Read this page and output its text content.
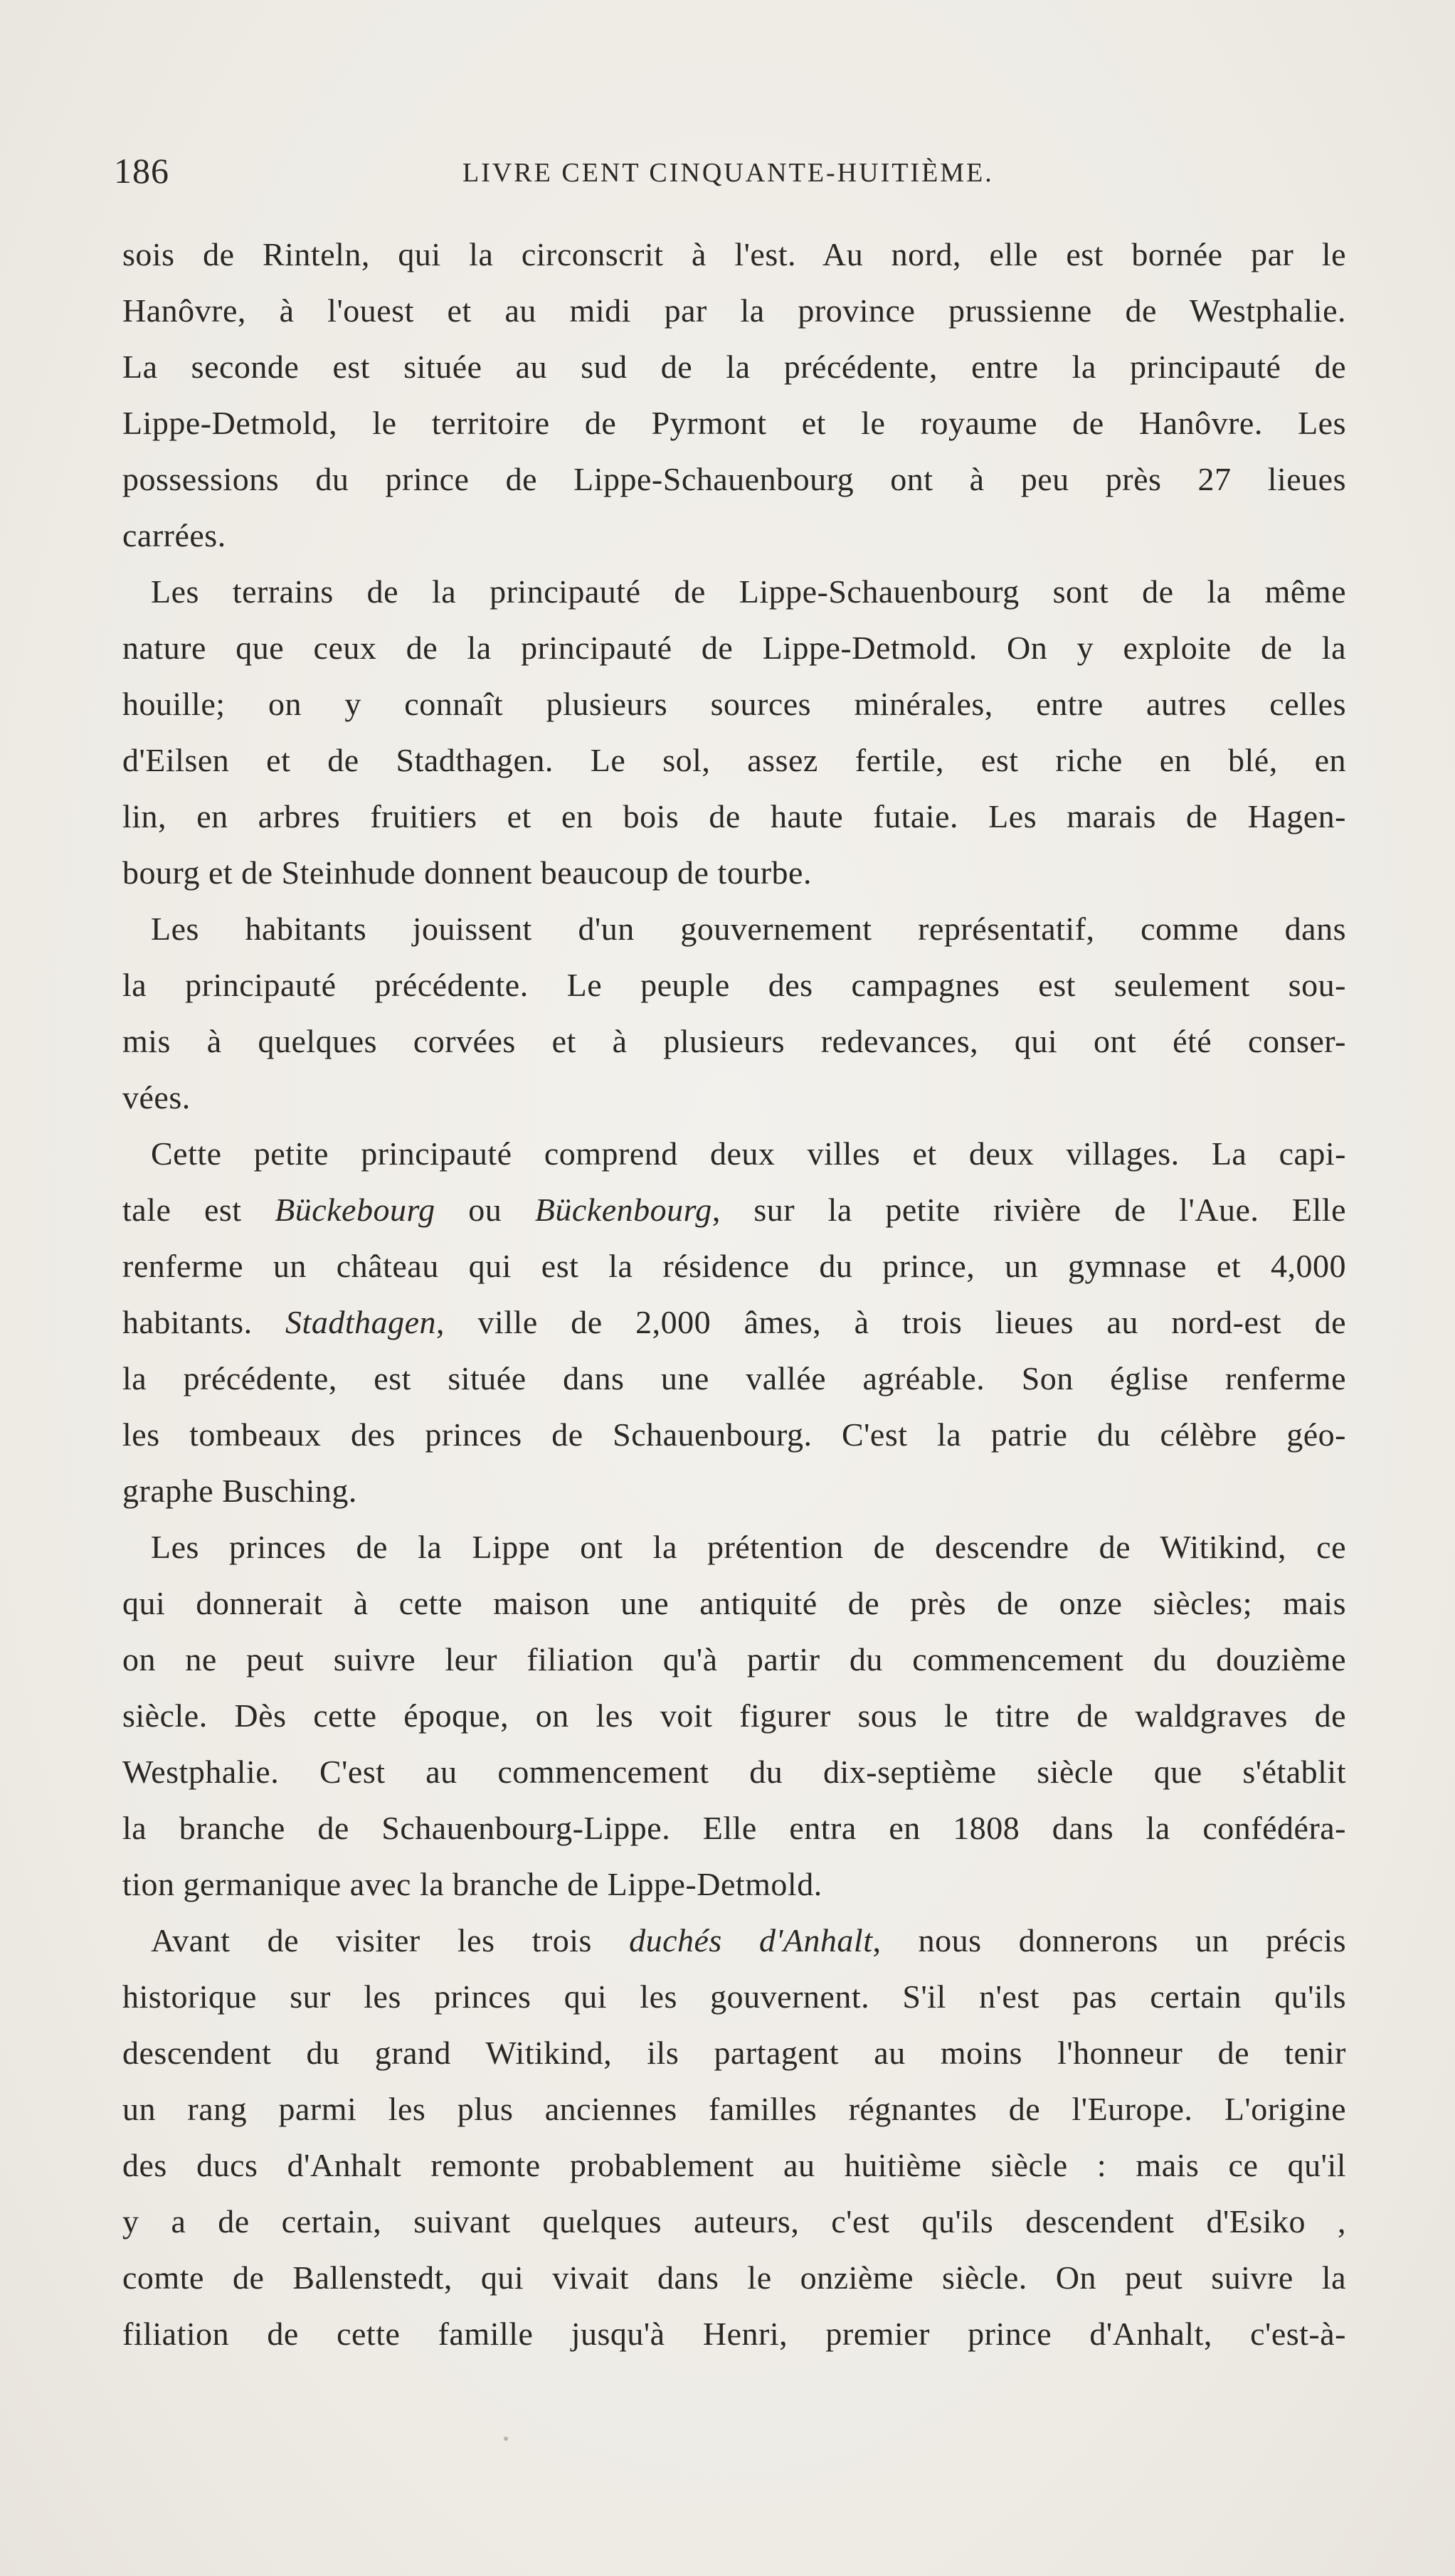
186	LIVRE CENT CINQUANTE-HUITIÈME.
sois de Rinteln, qui la circonscrit à l'est. Au nord, elle est bornée par le
Hanôvre, à l'ouest et au midi par la province prussienne de Westphalie.
La seconde est située au sud de la précédente, entre la principauté de
Lippe-Detmold, le territoire de Pyrmont et le royaume de Hanôvre. Les
possessions du prince de Lippe-Schauenbourg ont à peu près 27 lieues
carrées.
Les terrains de la principauté de Lippe-Schauenbourg sont de la même
nature que ceux de la principauté de Lippe-Detmold. On y exploite de la
houille; on y connaît plusieurs sources minérales, entre autres celles
d'Eilsen et de Stadthagen. Le sol, assez fertile, est riche en blé, en
lin, en arbres fruitiers et en bois de haute futaie. Les marais de Hagen-
bourg et de Steinhude donnent beaucoup de tourbe.
Les habitants jouissent d'un gouvernement représentatif, comme dans
la principauté précédente. Le peuple des campagnes est seulement sou-
mis à quelques corvées et à plusieurs redevances, qui ont été conser-
vées.
Cette petite principauté comprend deux villes et deux villages. La capi-
tale est Bückebourg ou Bückenbourg, sur la petite rivière de l'Aue. Elle
renferme un château qui est la résidence du prince, un gymnase et 4,000
habitants. Stadthagen, ville de 2,000 âmes, à trois lieues au nord-est de
la précédente, est située dans une vallée agréable. Son église renferme
les tombeaux des princes de Schauenbourg. C'est la patrie du célèbre géo-
graphe Busching.
Les princes de la Lippe ont la prétention de descendre de Witikind, ce
qui donnerait à cette maison une antiquité de près de onze siècles; mais
on ne peut suivre leur filiation qu'à partir du commencement du douzième
siècle. Dès cette époque, on les voit figurer sous le titre de waldgraves de
Westphalie. C'est au commencement du dix-septième siècle que s'établit
la branche de Schauenbourg-Lippe. Elle entra en 1808 dans la confédéra-
tion germanique avec la branche de Lippe-Detmold.
Avant de visiter les trois duchés d'Anhalt, nous donnerons un précis
historique sur les princes qui les gouvernent. S'il n'est pas certain qu'ils
descendent du grand Witikind, ils partagent au moins l'honneur de tenir
un rang parmi les plus anciennes familles régnantes de l'Europe. L'origine
des ducs d'Anhalt remonte probablement au huitième siècle : mais ce qu'il
y a de certain, suivant quelques auteurs, c'est qu'ils descendent d'Esiko ,
comte de Ballenstedt, qui vivait dans le onzième siècle. On peut suivre la
filiation de cette famille jusqu'à Henri, premier prince d'Anhalt, c'est-à-
